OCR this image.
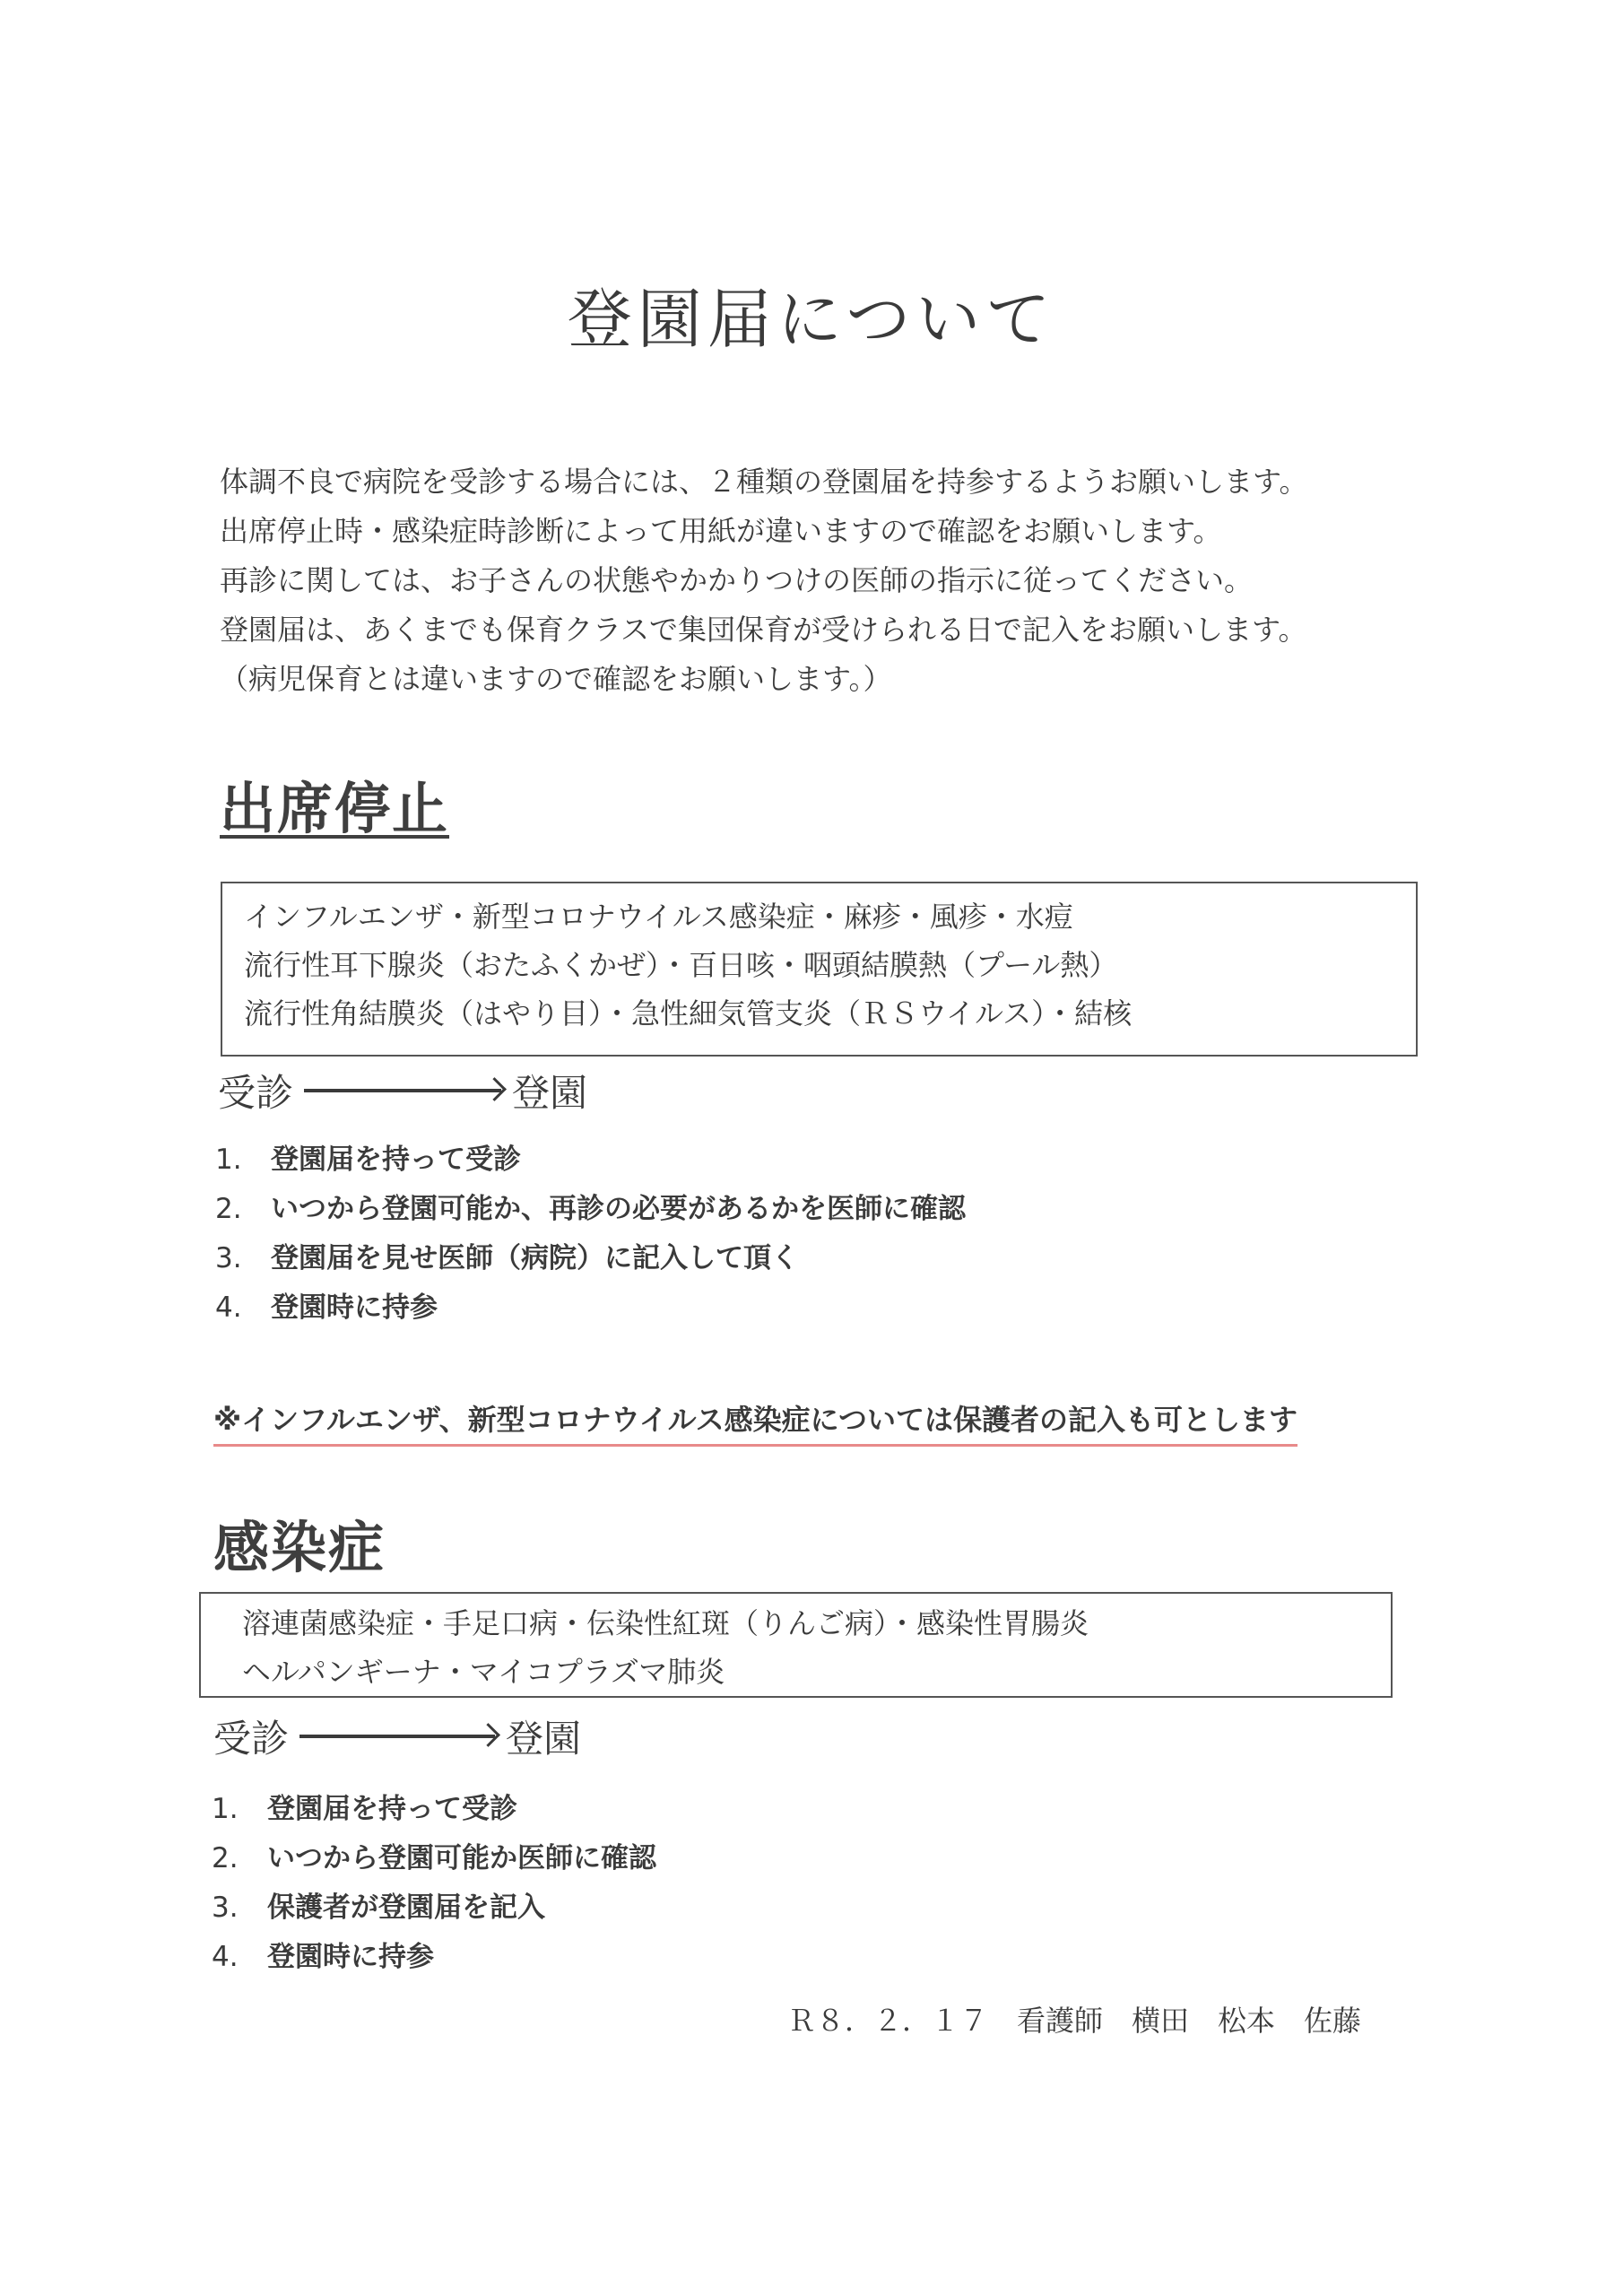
登園届について
体調不良で病院を受診する場合には、２種類の登園届を持参するようお願いします。
出席停止時・感染症時診断によって用紙が違いますので確認をお願いします。
再診に関しては、お子さんの状態やかかりつけの医師の指示に従ってください。
登園届は、あくまでも保育クラスで集団保育が受けられる日で記入をお願いします。
（病児保育とは違いますので確認をお願いします。）
出席停止
インフルエンザ・新型コロナウイルス感染症・麻疹・風疹・水痘
流行性耳下腺炎（おたふくかぜ）・百日咳・咽頭結膜熱（プール熱）
流行性角結膜炎（はやり目）・急性細気管支炎（ＲＳウイルス）・結核
受診	登園
1.	登園届を持って受診
2.	いつから登園可能か、再診の必要があるかを医師に確認
3.	登園届を見せ医師（病院）に記入して頂く
4.	登園時に持参
※インフルエンザ、新型コロナウイルス感染症については保護者の記入も可とします
感染症
溶連菌感染症・手足口病・伝染性紅斑（りんご病）・感染性胃腸炎
ヘルパンギーナ・マイコプラズマ肺炎
受診	登園
1.	登園届を持って受診
2.	いつから登園可能か医師に確認
3.	保護者が登園届を記入
4.	登園時に持参
Ｒ８．２．１７　看護師　横田　松本　佐藤
